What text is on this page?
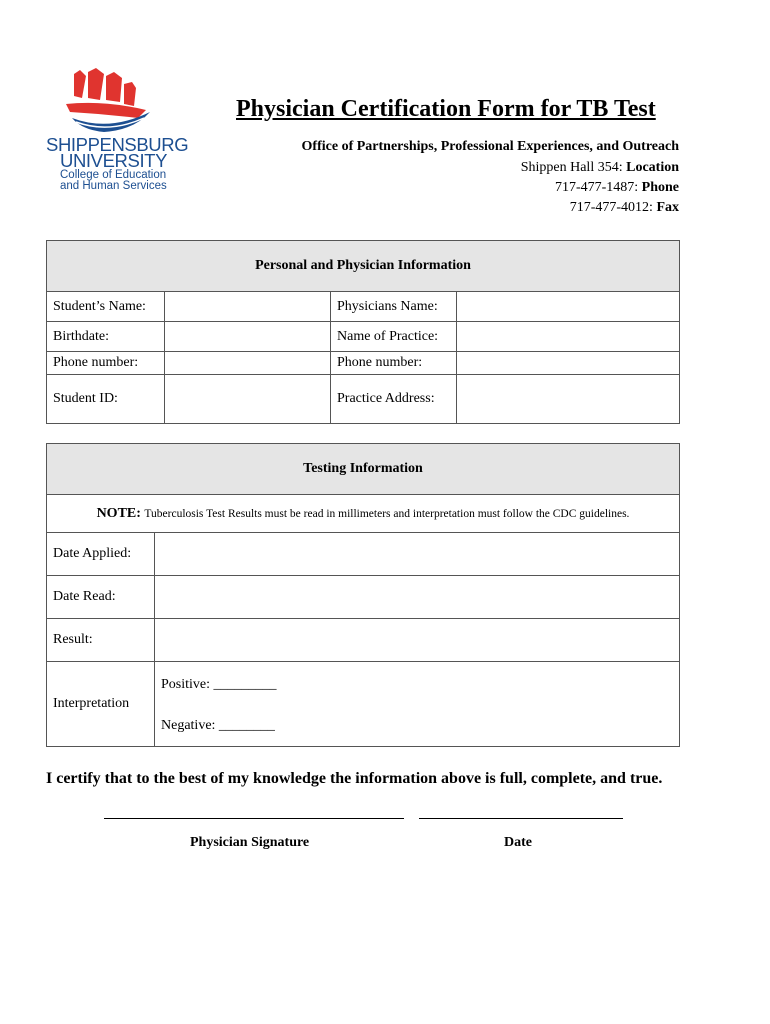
SHIPPENSBURG
UNIVERSITY
College of Education
and Human Services
Physician Certification Form for TB Test
Office of Partnerships, Professional Experiences, and Outreach
Shippen Hall 354: Location
717-477-1487: Phone
717-477-4012: Fax
Personal and Physician Information			
Student’s Name:		Physicians Name:	
Birthdate:		Name of Practice:	
Phone number:		Phone number:	
Student ID:		Practice Address:	
Testing Information	
NOTE: Tuberculosis Test Results must be read in millimeters and interpretation must follow the CDC guidelines.	
Date Applied:	
Date Read:	
Result:	
Interpretation	Positive: _________
Negative: ________
I certify that to the best of my knowledge the information above is full, complete, and true.
Physician Signature	Date
